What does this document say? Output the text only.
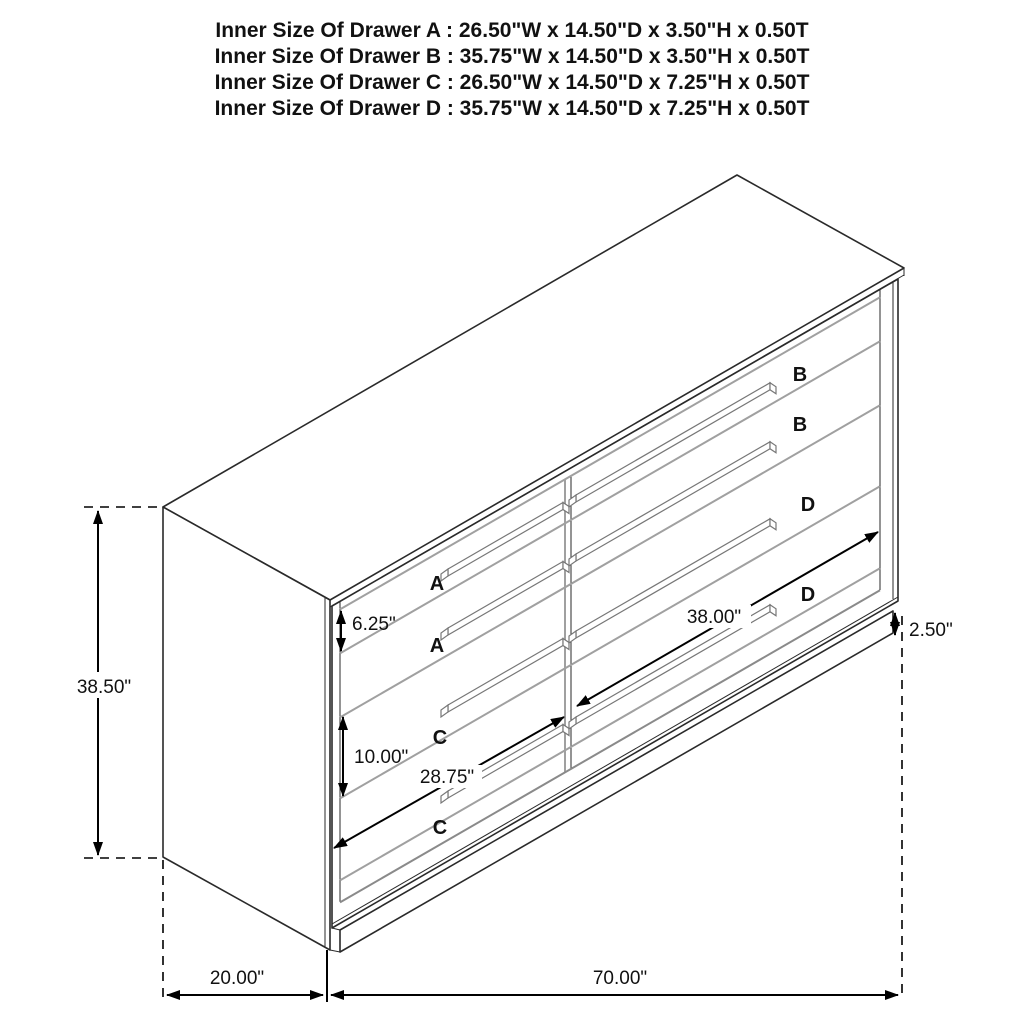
Inner Size Of Drawer A : 26.50"W x 14.50"D x 3.50"H x 0.50T
Inner Size Of Drawer B : 35.75"W x 14.50"D x 3.50"H x 0.50T
Inner Size Of Drawer C : 26.50"W x 14.50"D x 7.25"H x 0.50T
Inner Size Of Drawer D : 35.75"W x 14.50"D x 7.25"H x 0.50T
A
A
B
B
C
C
D
D
38.50"
6.25"
10.00"
28.75"
38.00"
2.50"
20.00"	70.00"
